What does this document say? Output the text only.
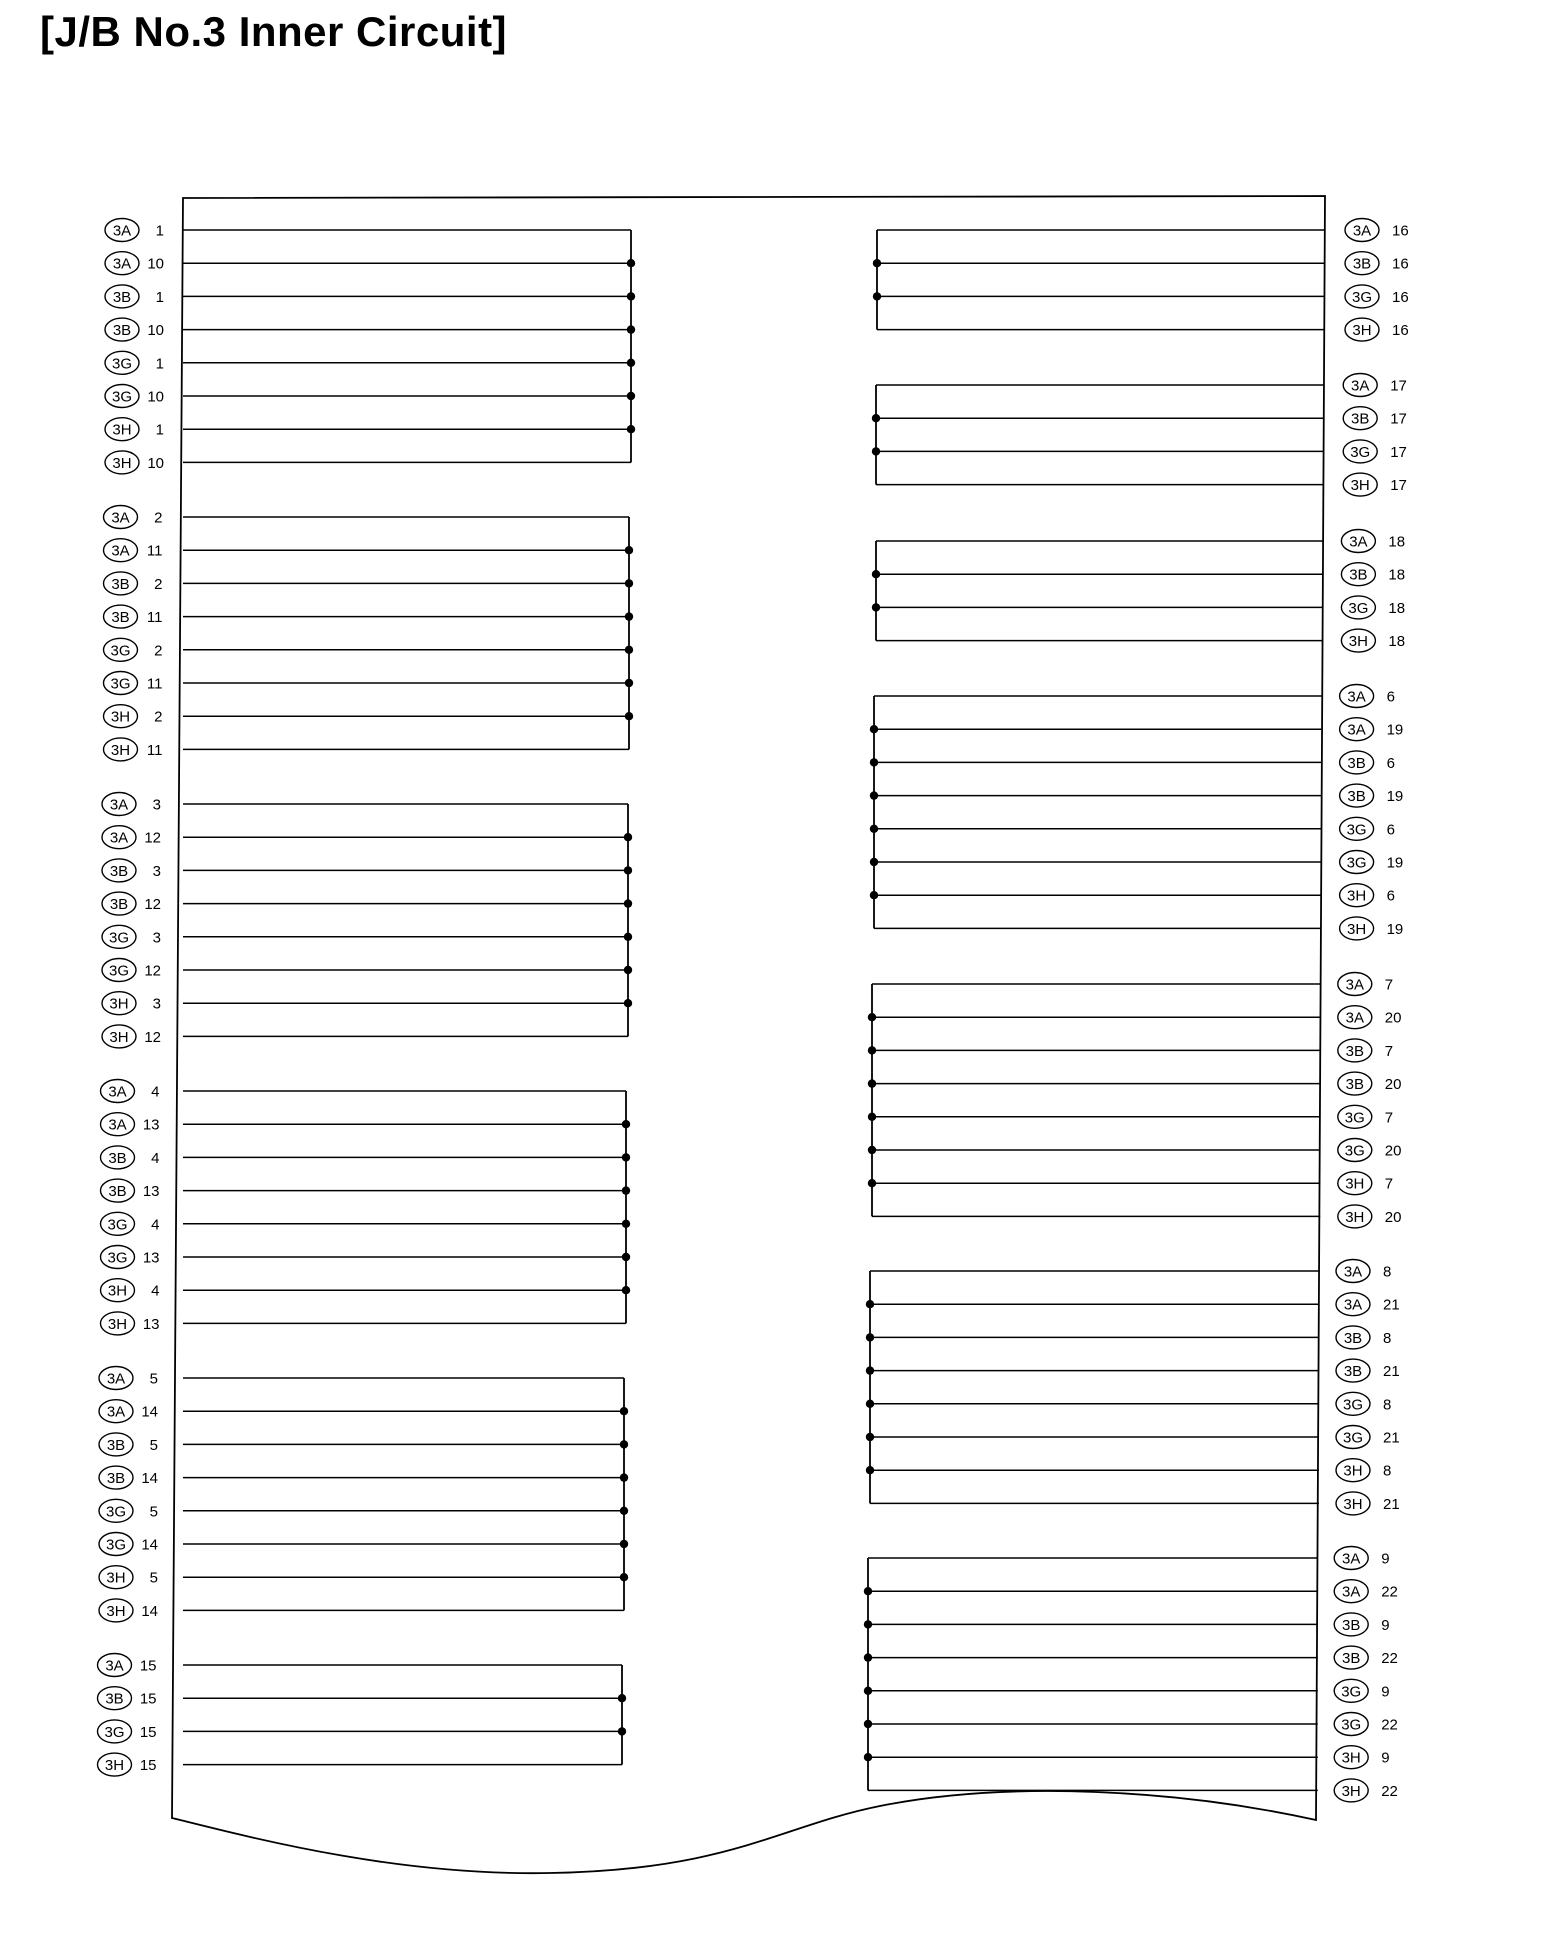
[J/B No.3 Inner Circuit]
3A 1
3A 10
3B 1
3B 10
3G 1
3G 10
3H 1
3H 10
3A 2
3A 11
3B 2
3B 11
3G 2
3G 11
3H 2
3H 11
3A 3
3A 12
3B 3
3B 12
3G 3
3G 12
3H 3
3H 12
3A 4
3A 13
3B 4
3B 13
3G 4
3G 13
3H 4
3H 13
3A 5
3A 14
3B 5
3B 14
3G 5
3G 14
3H 5
3H 14
3A 15
3B 15
3G 15
3H 15
3A 16
3B 16
3G 16
3H 16
3A 17
3B 17
3G 17
3H 17
3A 18
3B 18
3G 18
3H 18
3A 6
3A 19
3B 6
3B 19
3G 6
3G 19
3H 6
3H 19
3A 7
3A 20
3B 7
3B 20
3G 7
3G 20
3H 7
3H 20
3A 8
3A 21
3B 8
3B 21
3G 8
3G 21
3H 8
3H 21
3A 9
3A 22
3B 9
3B 22
3G 9
3G 22
3H 9
3H 22
